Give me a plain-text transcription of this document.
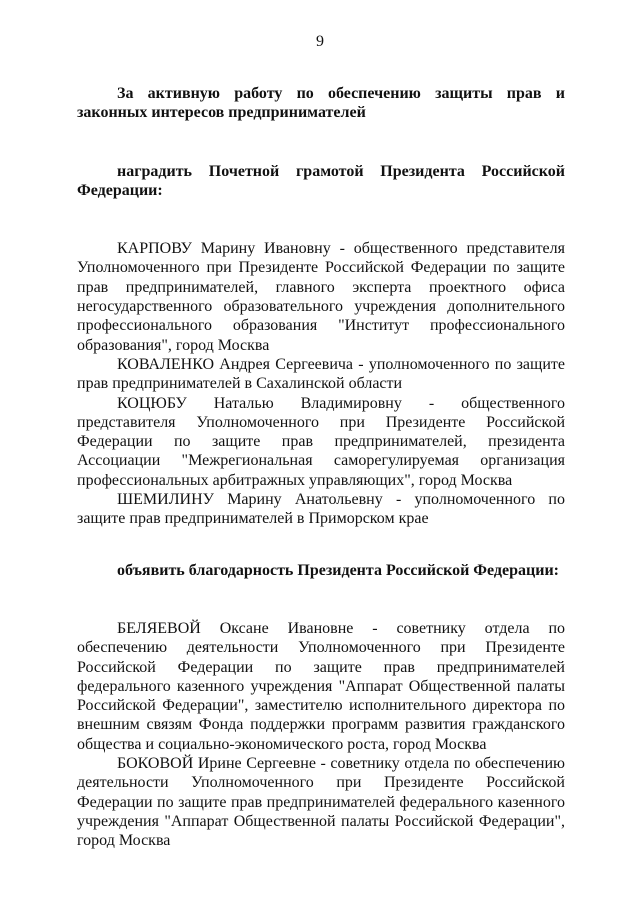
9

За активную работу по обеспечению защиты прав и законных интересов предпринимателей

наградить Почетной грамотой Президента Российской Федерации:

КАРПОВУ Марину Ивановну - общественного представителя Уполномоченного при Президенте Российской Федерации по защите прав предпринимателей, главного эксперта проектного офиса негосударственного образовательного учреждения дополнительного профессионального образования "Институт профессионального образования", город Москва

КОВАЛЕНКО Андрея Сергеевича - уполномоченного по защите прав предпринимателей в Сахалинской области

КОЦЮБУ Наталью Владимировну - общественного представителя Уполномоченного при Президенте Российской Федерации по защите прав предпринимателей, президента Ассоциации "Межрегиональная саморегулируемая организация профессиональных арбитражных управляющих", город Москва

ШЕМИЛИНУ Марину Анатольевну - уполномоченного по защите прав предпринимателей в Приморском крае

объявить благодарность Президента Российской Федерации:

БЕЛЯЕВОЙ Оксане Ивановне - советнику отдела по обеспечению деятельности Уполномоченного при Президенте Российской Федерации по защите прав предпринимателей федерального казенного учреждения "Аппарат Общественной палаты Российской Федерации", заместителю исполнительного директора по внешним связям Фонда поддержки программ развития гражданского общества и социально-экономического роста, город Москва

БОКОВОЙ Ирине Сергеевне - советнику отдела по обеспечению деятельности Уполномоченного при Президенте Российской Федерации по защите прав предпринимателей федерального казенного учреждения "Аппарат Общественной палаты Российской Федерации", город Москва
